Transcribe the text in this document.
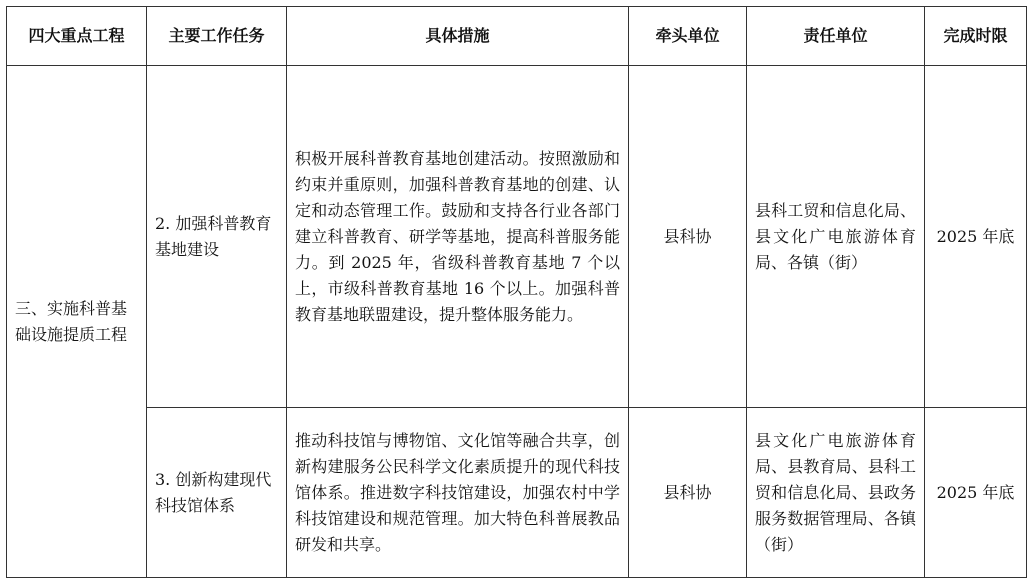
四大重点工程	主要工作任务	具体措施	牵头单位	责任单位	完成时限

三、实施科普基础设施提质工程	2. 加强科普教育基地建设	积极开展科普教育基地创建活动。按照激励和约束并重原则，加强科普教育基地的创建、认定和动态管理工作。鼓励和支持各行业各部门建立科普教育、研学等基地，提高科普服务能力。到 2025 年，省级科普教育基地 7 个以上，市级科普教育基地 16 个以上。加强科普教育基地联盟建设，提升整体服务能力。	县科协	县科工贸和信息化局、县文化广电旅游体育局、各镇（街）	2025 年底

	3. 创新构建现代科技馆体系	推动科技馆与博物馆、文化馆等融合共享，创新构建服务公民科学文化素质提升的现代科技馆体系。推进数字科技馆建设，加强农村中学科技馆建设和规范管理。加大特色科普展教品研发和共享。	县科协	县文化广电旅游体育局、县教育局、县科工贸和信息化局、县政务服务数据管理局、各镇（街）	2025 年底
